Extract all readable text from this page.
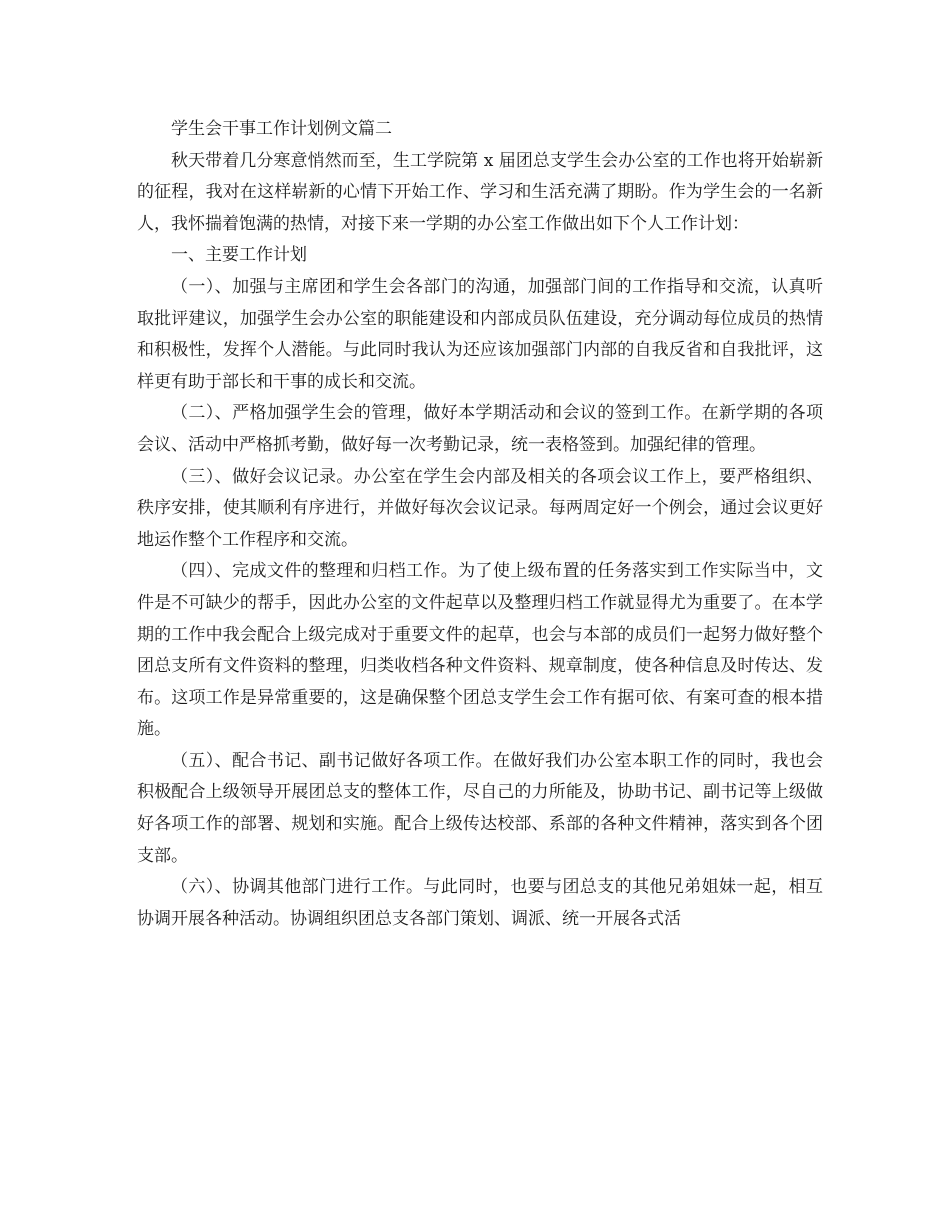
学生会干事工作计划例文篇二

秋天带着几分寒意悄然而至，生工学院第 x 届团总支学生会办公室的工作也将开始崭新的征程，我对在这样崭新的心情下开始工作、学习和生活充满了期盼。作为学生会的一名新人，我怀揣着饱满的热情，对接下来一学期的办公室工作做出如下个人工作计划：

一、主要工作计划

（一）、加强与主席团和学生会各部门的沟通，加强部门间的工作指导和交流，认真听取批评建议，加强学生会办公室的职能建设和内部成员队伍建设，充分调动每位成员的热情和积极性，发挥个人潜能。与此同时我认为还应该加强部门内部的自我反省和自我批评，这样更有助于部长和干事的成长和交流。

（二）、严格加强学生会的管理，做好本学期活动和会议的签到工作。在新学期的各项会议、活动中严格抓考勤，做好每一次考勤记录，统一表格签到。加强纪律的管理。

（三）、做好会议记录。办公室在学生会内部及相关的各项会议工作上，要严格组织、秩序安排，使其顺利有序进行，并做好每次会议记录。每两周定好一个例会，通过会议更好地运作整个工作程序和交流。

（四）、完成文件的整理和归档工作。为了使上级布置的任务落实到工作实际当中，文件是不可缺少的帮手，因此办公室的文件起草以及整理归档工作就显得尤为重要了。在本学期的工作中我会配合上级完成对于重要文件的起草，也会与本部的成员们一起努力做好整个团总支所有文件资料的整理，归类收档各种文件资料、规章制度，使各种信息及时传达、发布。这项工作是异常重要的，这是确保整个团总支学生会工作有据可依、有案可查的根本措施。

（五）、配合书记、副书记做好各项工作。在做好我们办公室本职工作的同时，我也会积极配合上级领导开展团总支的整体工作，尽自己的力所能及，协助书记、副书记等上级做好各项工作的部署、规划和实施。配合上级传达校部、系部的各种文件精神，落实到各个团支部。

（六）、协调其他部门进行工作。与此同时，也要与团总支的其他兄弟姐妹一起，相互协调开展各种活动。协调组织团总支各部门策划、调派、统一开展各式活
